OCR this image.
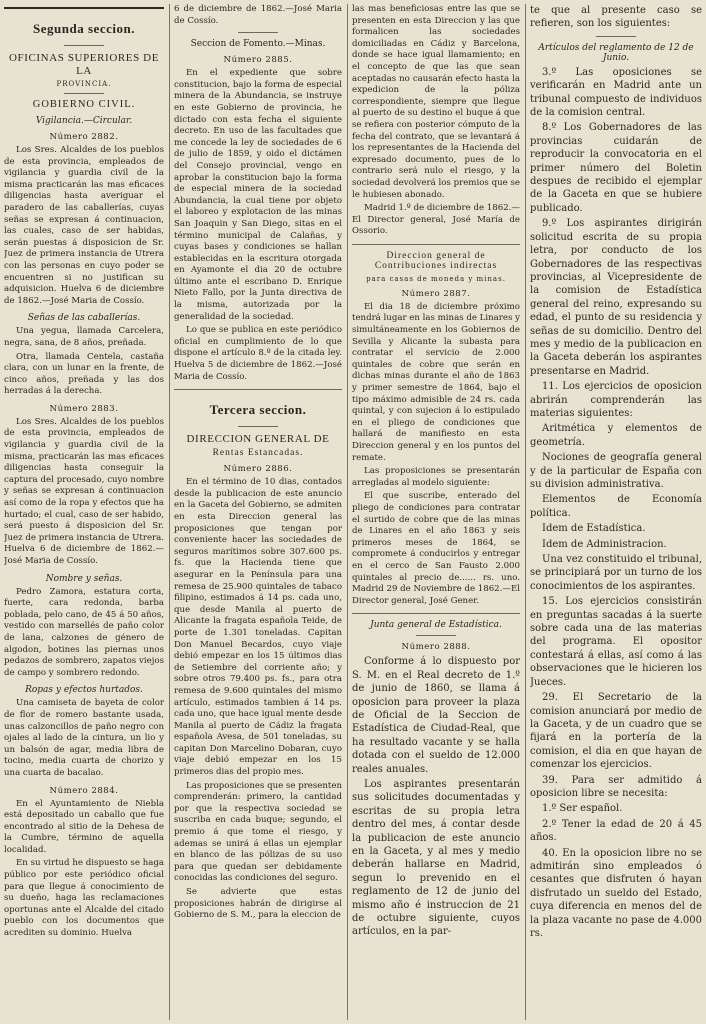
Segunda seccion.
OFICINAS SUPERIORES DE LA
PROVINCIA.
GOBIERNO CIVIL.
Vigilancia.—Circular.
Número 2882.

Los Sres. Alcaldes de los pueblos de esta provincia, empleados de vigilancia y guardia civil de la misma practicarán las mas eficaces diligencias hasta averiguar el paradero de las caballerías, cuyas señas se expresan á continuacion, las cuales, caso de ser habidas, serán puestas á disposicion de Sr. Juez de primera instancia de Utrera con las personas en cuyo poder se encuentren si no justifican su adquisicion. Huelva 6 de diciembre de 1862.—José Maria de Cossío.

Señas de las caballerías.

Una yegua, llamada Carcelera, negra, sana, de 8 años, preñada.

Otra, llamada Centela, castaña clara, con un lunar en la frente, de cinco años, preñada y las dos herradas á la derecha.

Número 2883.

Los Sres. Alcaldes de los pueblos de esta provincia, empleados de vigilancia y guardia civil de la misma, practicarán las mas eficaces diligencias hasta conseguir la captura del procesado, cuyo nombre y señas se expresan á continuacion así como de la ropa y efectos que ha hurtado; el cual, caso de ser habido, será puesto á disposicion del Sr. Juez de primera instancia de Utrera. Huelva 6 de diciembre de 1862.—José Maria de Cossío.

Nombre y señas.

Pedro Zamora, estatura corta, fuerte, cara redonda, barba poblada, pelo cano, de 45 á 50 años, vestido con marsellés de paño color de lana, calzones de género de algodon, botines las piernas unos pedazos de sombrero, zapatos viejos de campo y sombrero redondo.

Ropas y efectos hurtados.

Una camiseta de bayeta de color de flor de romero bastante usada, unas calzoncillos de paño negro con ojales al lado de la cintura, un lio y un balsón de agar, media libra de tocino, media cuarta de chorizo y una cuarta de bacalao.

Número 2884.

En el Ayuntamiento de Niebla está depositado un caballo que fue encontrado al sitio de la Dehesa de la Cumbre, término de aquella localidad.

En su virtud he dispuesto se haga público por este periódico oficial para que llegue á conocimiento de su dueño, haga las reclamaciones oportunas ante el Alcalde del citado pueblo con los documentos que acrediten su dominio. Huelva

6 de diciembre de 1862.—José Maria de Cossío.

Seccion de Fomento.—Minas.
Número 2885.

En el expediente que sobre constitucion, bajo la forma de especial minera de la Abundancia, se instruye en este Gobierno de provincia, he dictado con esta fecha el siguiente decreto. En uso de las facultades que me concede la ley de sociedades de 6 de julio de 1859, y oido el dictámen del Consejo provincial, vengo en aprobar la constitucion bajo la forma de especial minera de la sociedad Abundancia, la cual tiene por objeto el laboreo y explotacion de las minas San Joaquin y San Diego, sitas en el término municipal de Calañas, y cuyas bases y condiciones se hallan establecidas en la escritura otorgada en Ayamonte el dia 20 de octubre último ante el escribano D. Enrique Nieto Fallo, por la Junta directiva de la misma, autorizada por la generalidad de la sociedad.

Lo que se publica en este periódico oficial en cumplimiento de lo que dispone el artículo 8.º de la citada ley. Huelva 5 de diciembre de 1862.—José Maria de Cossío.

Tercera seccion.
DIRECCION GENERAL DE
Rentas Estancadas.
Número 2886.

En el término de 10 dias, contados desde la publicacion de este anuncio en la Gaceta del Gobierno, se admiten en esta Direccion general las proposiciones que tengan por conveniente hacer las sociedades de seguros marítimos sobre 307.600 ps. fs. que la Hacienda tiene que asegurar en la Península para una remesa de 25.900 quintales de tabaco filipino, estimados á 14 ps. cada uno, que desde Manila al puerto de Alicante la fragata española Teide, de porte de 1.301 toneladas. Capitan Don Manuel Becardos, cuyo viaje debió empezar en los 15 últimos dias de Setiembre del corriente año; y sobre otros 79.400 ps. fs., para otra remesa de 9.600 quintales del mismo artículo, estimados tambien á 14 ps. cada uno, que hace igual mente desde Manila al puerto de Cádiz la fragata española Avesa, de 501 toneladas, su capitan Don Marcelino Dobaran, cuyo viaje debió empezar en los 15 primeros dias del propio mes.

Las proposiciones que se presenten comprenderán: primero, la cantidad por que la respectiva sociedad se suscriba en cada buque; segundo, el premio á que tome el riesgo, y ademas se unirá á ellas un ejemplar en blanco de las pólizas de su uso para que quedan ser debidamente conocidas las condiciones del seguro.

Se advierte que estas proposiciones habrán de dirigirse al Gobierno de S. M., para la eleccion de

las mas beneficiosas entre las que se presenten en esta Direccion y las que formalicen las sociedades domiciliadas en Cádiz y Barcelona, donde se hace igual llamamiento; en el concepto de que las que sean aceptadas no causarán efecto hasta la expedicion de la póliza correspondiente, siempre que llegue al puerto de su destino el buque á que se refiera con posterior cómputo de la fecha del contrato, que se levantará á los representantes de la Hacienda del expresado documento, pues de lo contrario será nulo el riesgo, y la sociedad devolverá los premios que se le hubiesen abonado.

Madrid 1.º de diciembre de 1862.—El Director general, José María de Ossorio.

Direccion general de Contribuciones indirectas
para casas de moneda y minas.
Número 2887.

El dia 18 de diciembre próximo tendrá lugar en las minas de Linares y simultáneamente en los Gobiernos de Sevilla y Alicante la subasta para contratar el servicio de 2.000 quintales de cobre que serán en dichas minas durante el año de 1863 y primer semestre de 1864, bajo el tipo máximo admisible de 24 rs. cada quintal, y con sujecion á lo estipulado en el pliego de condiciones que hallará de manifiesto en esta Direccion general y en los puntos del remate.

Las proposiciones se presentarán arregladas al modelo siguiente:

El que suscribe, enterado del pliego de condiciones para contratar el surtido de cobre que de las minas de Linares en el año 1863 y seis primeros meses de 1864, se compromete á conducirlos y entregar en el cerco de San Fausto 2.000 quintales al precio de...... rs. uno. Madrid 29 de Noviembre de 1862.—El Director general, José Gener.

Junta general de Estadística.
Número 2888.

Conforme á lo dispuesto por S. M. en el Real decreto de 1.º de junio de 1860, se llama á oposicion para proveer la plaza de Oficial de la Seccion de Estadística de Ciudad-Real, que ha resultado vacante y se halla dotada con el sueldo de 12.000 reales anuales.

Los aspirantes presentarán sus solicitudes documentadas y escritas de su propia letra dentro del mes, á contar desde la publicacion de este anuncio en la Gaceta, y al mes y medio deberán hallarse en Madrid, segun lo prevenido en el reglamento de 12 de junio del mismo año é instruccion de 21 de octubre siguiente, cuyos artículos, en la par-

te que al presente caso se refieren, son los siguientes:

Artículos del reglamento de 12 de Junio.

3.º Las oposiciones se verificarán en Madrid ante un tribunal compuesto de individuos de la comision central.

8.º Los Gobernadores de las provincias cuidarán de reproducir la convocatoria en el primer número del Boletin despues de recibido el ejemplar de la Gaceta en que se hubiere publicado.

9.º Los aspirantes dirigirán solicitud escrita de su propia letra, por conducto de los Gobernadores de las respectivas provincias, al Vicepresidente de la comision de Estadística general del reino, expresando su edad, el punto de su residencia y señas de su domicilio. Dentro del mes y medio de la publicacion en la Gaceta deberán los aspirantes presentarse en Madrid.

11. Los ejercicios de oposicion abrirán comprenderán las materias siguientes:

Aritmética y elementos de geometría.

Nociones de geografía general y de la particular de España con su division administrativa.

Elementos de Economía política.

Idem de Estadística.

Idem de Administracion.

Una vez constituido el tribunal, se principiará por un turno de los conocimientos de los aspirantes.

15. Los ejercicios consistirán en preguntas sacadas á la suerte sobre cada una de las materias del programa. El opositor contestará á ellas, así como á las observaciones que le hicieren los Jueces.

29. El Secretario de la comision anunciará por medio de la Gaceta, y de un cuadro que se fijará en la portería de la comision, el dia en que hayan de comenzar los ejercicios.

39. Para ser admitido á oposicion libre se necesita:

1.º Ser español.

2.º Tener la edad de 20 á 45 años.

40. En la oposicion libre no se admitirán sino empleados ó cesantes que disfruten ó hayan disfrutado un sueldo del Estado, cuya diferencia en menos del de la plaza vacante no pase de 4.000 rs.
